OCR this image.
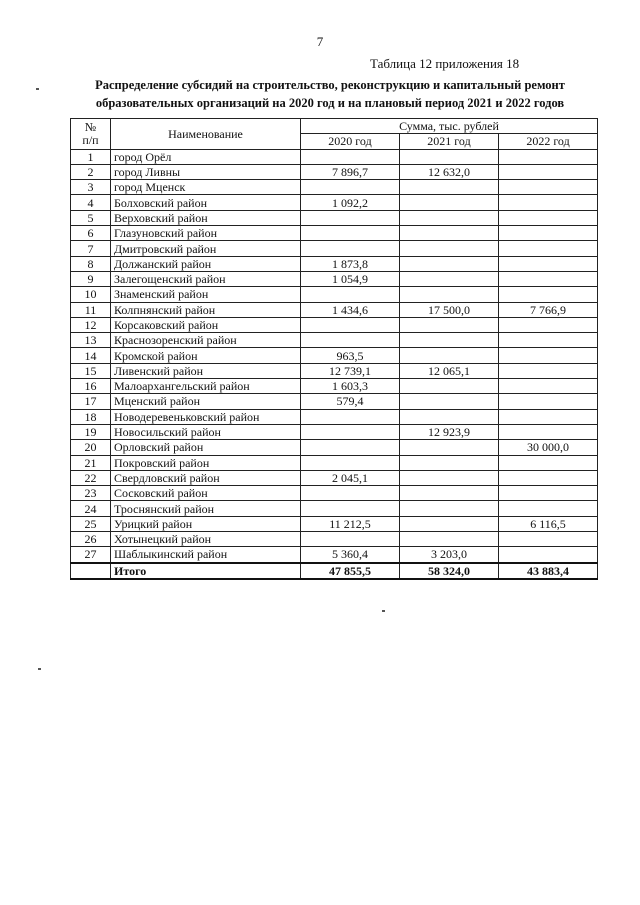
7
Таблица 12 приложения 18
Распределение субсидий на строительство, реконструкцию и капитальный ремонт
образовательных организаций на 2020 год и на плановый период 2021 и 2022 годов
№
п/п	Наименование	Сумма, тыс. рублей		
		2020 год	2021 год	2022 год
1	город Орёл			
2	город Ливны	7 896,7	12 632,0	
3	город Мценск			
4	Болховский район	1 092,2		
5	Верховский район			
6	Глазуновский район			
7	Дмитровский район			
8	Должанский район	1 873,8		
9	Залегощенский район	1 054,9		
10	Знаменский район			
11	Колпнянский район	1 434,6	17 500,0	7 766,9
12	Корсаковский район			
13	Краснозоренский район			
14	Кромской район	963,5		
15	Ливенский район	12 739,1	12 065,1	
16	Малоархангельский район	1 603,3		
17	Мценский район	579,4		
18	Новодеревеньковский район			
19	Новосильский район		12 923,9	
20	Орловский район			30 000,0
21	Покровский район			
22	Свердловский район	2 045,1		
23	Сосковский район			
24	Троснянский район			
25	Урицкий район	11 212,5		6 116,5
26	Хотынецкий район			
27	Шаблыкинский район	5 360,4	3 203,0	
	Итого	47 855,5	58 324,0	43 883,4
